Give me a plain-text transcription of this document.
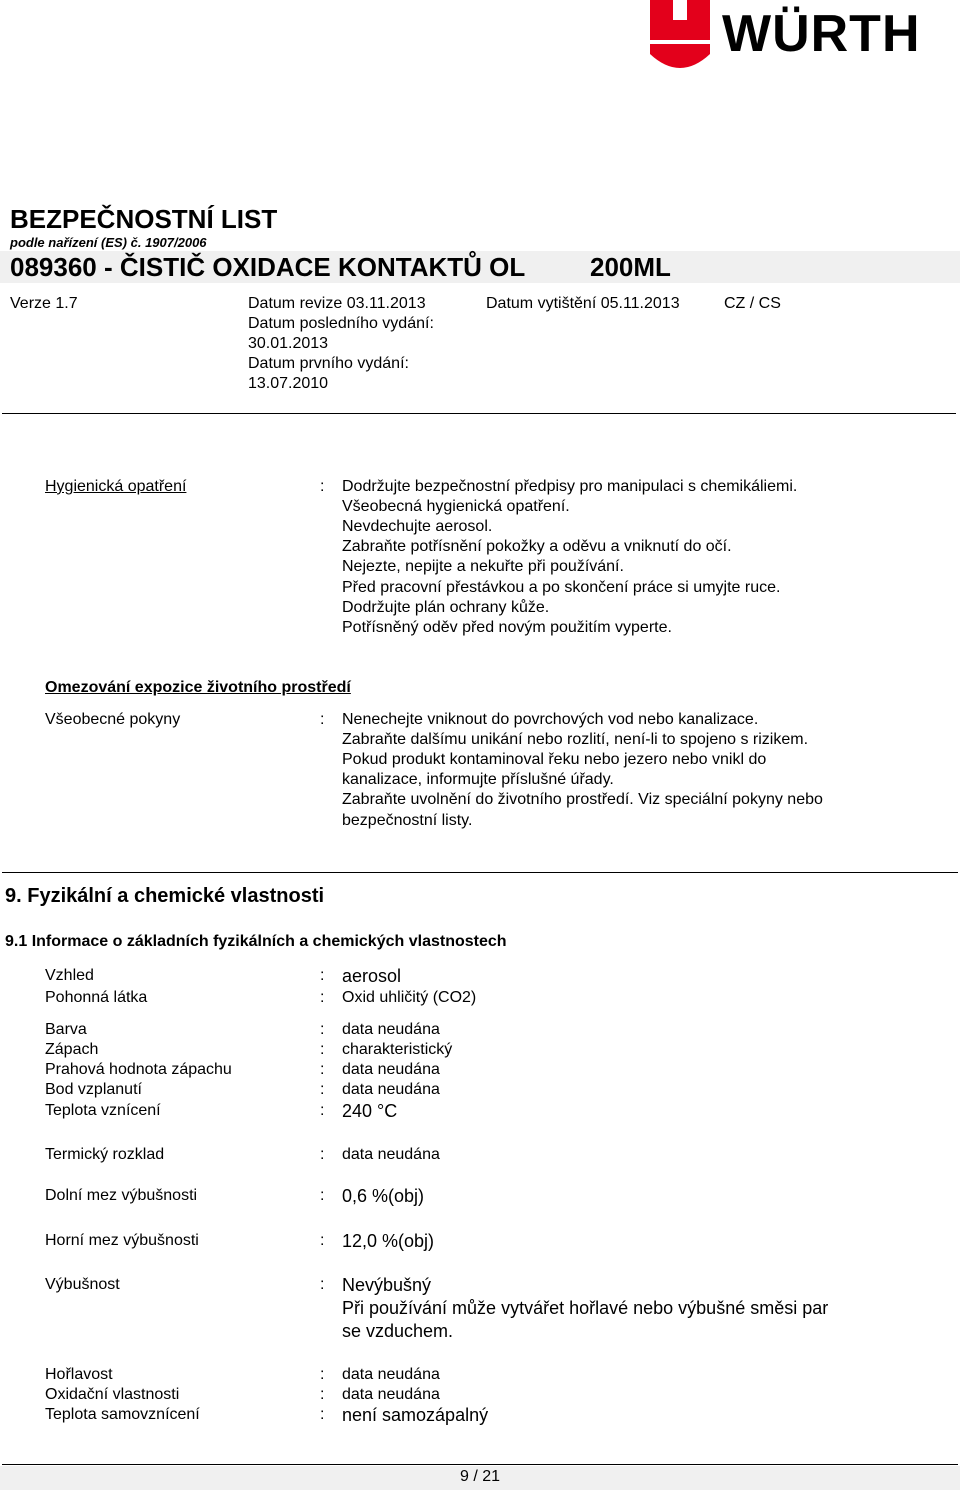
WÜRTH
BEZPEČNOSTNÍ LIST
podle nařízení (ES) č. 1907/2006
089360 - ČISTIČ OXIDACE KONTAKTŮ OL 200ML
Verze 1.7	Datum revize 03.11.2013
Datum posledního vydání:
30.01.2013
Datum prvního vydání:
13.07.2010
Datum vytištění 05.11.2013	CZ / CS
Hygienická opatření	: Dodržujte bezpečnostní předpisy pro manipulaci s chemikáliemi.
Všeobecná hygienická opatření.
Nevdechujte aerosol.
Zabraňte potřísnění pokožky a oděvu a vniknutí do očí.
Nejezte, nepijte a nekuřte při používání.
Před pracovní přestávkou a po skončení práce si umyjte ruce.
Dodržujte plán ochrany kůže.
Potřísněný oděv před novým použitím vyperte.
Omezování expozice životního prostředí
Všeobecné pokyny	: Nenechejte vniknout do povrchových vod nebo kanalizace.
Zabraňte dalšímu unikání nebo rozlití, není-li to spojeno s rizikem.
Pokud produkt kontaminoval řeku nebo jezero nebo vnikl do
kanalizace, informujte příslušné úřady.
Zabraňte uvolnění do životního prostředí. Viz speciální pokyny nebo
bezpečnostní listy.
9. Fyzikální a chemické vlastnosti
9.1 Informace o základních fyzikálních a chemických vlastnostech
Vzhled	: aerosol
Pohonná látka	: Oxid uhličitý (CO2)
Barva	: data neudána
Zápach	: charakteristický
Prahová hodnota zápachu	: data neudána
Bod vzplanutí	: data neudána
Teplota vznícení	: 240 °C
Termický rozklad	: data neudána
Dolní mez výbušnosti	: 0,6 %(obj)
Horní mez výbušnosti	: 12,0 %(obj)
Výbušnost	: Nevýbušný
Při používání může vytvářet hořlavé nebo výbušné směsi par
se vzduchem.
Hořlavost	: data neudána
Oxidační vlastnosti	: data neudána
Teplota samovznícení	: není samozápalný
9 / 21
